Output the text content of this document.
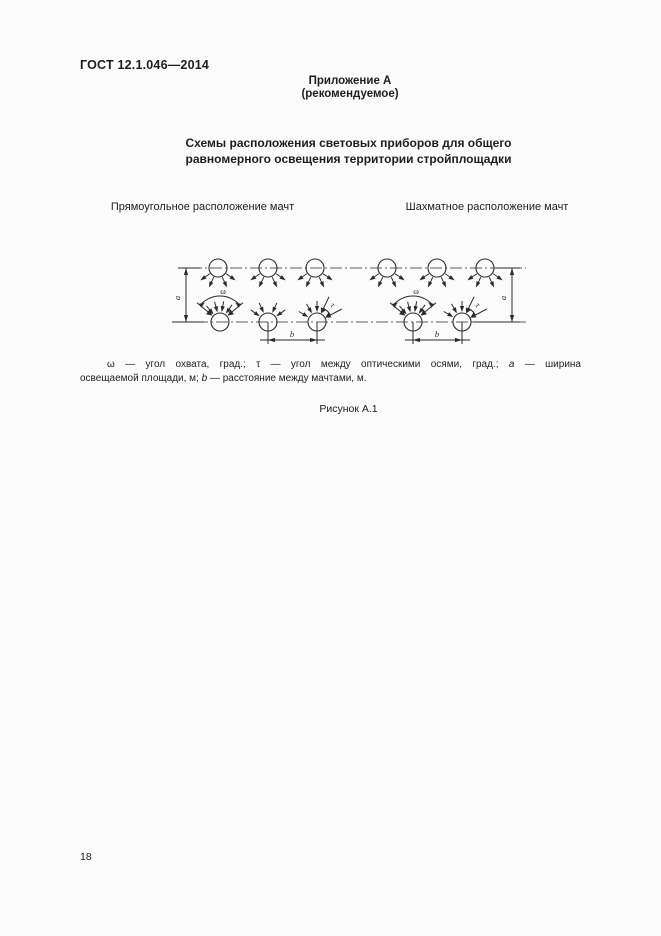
ГОСТ 12.1.046—2014
Приложение А
(рекомендуемое)
Схемы расположения световых приборов для общего
равномерного освещения территории стройплощадки
Прямоугольное расположение мачт	Шахматное расположение мачт
а
b
ω
τ
а
b
ω
τ
ω — угол охвата, град.; τ — угол между оптическими осями, град.; а — ширина
освещаемой площади, м; b — расстояние между мачтами, м.
Рисунок А.1
18
